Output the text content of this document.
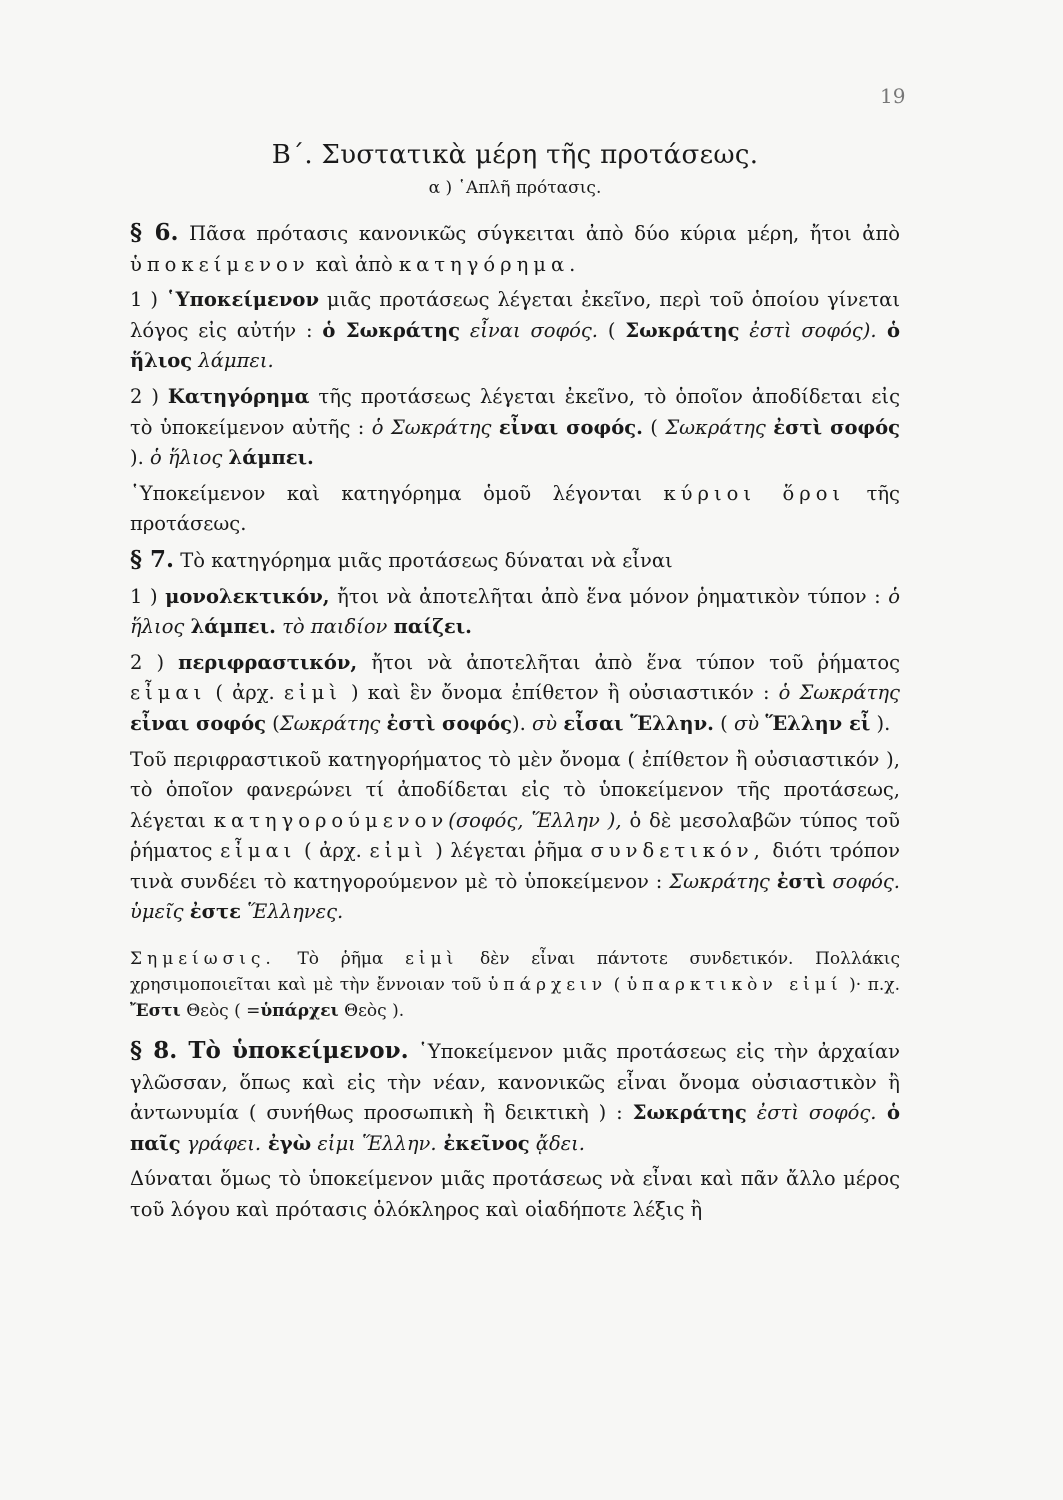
19
Β΄. Συστατικὰ μέρη τῆς προτάσεως.
α ) ῾Απλῆ πρότασις.

§ 6. Πᾶσα πρότασις κανονικῶς σύγκειται ἀπὸ δύο κύρια μέρη, ἤτοι ἀπὸ ὑποκείμενον καὶ ἀπὸ κατηγόρημα.

1 ) ῾Υποκείμενον μιᾶς προτάσεως λέγεται ἐκεῖνο, περὶ τοῦ ὁποίου γίνεται λόγος εἰς αὐτήν : ὁ Σωκράτης εἶναι σοφός. ( Σωκράτης ἐστὶ σοφός). ὁ ἥλιος λάμπει.

2 ) Κατηγόρημα τῆς προτάσεως λέγεται ἐκεῖνο, τὸ ὁποῖον ἀποδίδεται εἰς τὸ ὑποκείμενον αὐτῆς : ὁ Σωκράτης εἶναι σοφός. ( Σωκράτης ἐστὶ σοφός ). ὁ ἥλιος λάμπει.

῾Υποκείμενον καὶ κατηγόρημα ὁμοῦ λέγονται κύριοι ὅροι τῆς προτάσεως.

§ 7. Τὸ κατηγόρημα μιᾶς προτάσεως δύναται νὰ εἶναι

1 ) μονολεκτικόν, ἤτοι νὰ ἀποτελῆται ἀπὸ ἕνα μόνον ῥηματικὸν τύπον : ὁ ἥλιος λάμπει. τὸ παιδίον παίζει.

2 ) περιφραστικόν, ἤτοι νὰ ἀποτελῆται ἀπὸ ἕνα τύπον τοῦ ῥήματος εἶμαι ( ἀρχ. εἰμὶ ) καὶ ἓν ὄνομα ἐπίθετον ἢ οὐσιαστικόν : ὁ Σωκράτης εἶναι σοφός (Σωκράτης ἐστὶ σοφός). σὺ εἶσαι Ἕλλην. ( σὺ Ἕλλην εἶ ).

Τοῦ περιφραστικοῦ κατηγορήματος τὸ μὲν ὄνομα ( ἐπίθετον ἢ οὐσιαστικόν ), τὸ ὁποῖον φανερώνει τί ἀποδίδεται εἰς τὸ ὑποκείμενον τῆς προτάσεως, λέγεται κατηγορούμενον(σοφός, Ἕλλην ), ὁ δὲ μεσολαβῶν τύπος τοῦ ῥήματος εἶμαι ( ἀρχ. εἰμὶ ) λέγεται ῥῆμα συνδετικόν, διότι τρόπον τινὰ συνδέει τὸ κατηγορούμενον μὲ τὸ ὑποκείμενον : Σωκράτης ἐστὶ σοφός. ὑμεῖς ἐστε Ἕλληνες.

Σημείωσις. Τὸ ῥῆμα εἰμὶ δὲν εἶναι πάντοτε συνδετικόν. Πολλάκις χρησιμοποιεῖται καὶ μὲ τὴν ἔννοιαν τοῦ ὑπάρχειν ( ὑπαρκτικὸν εἰμί )· π.χ. Ἔστι Θεὸς ( =ὑπάρχει Θεὸς ).

§ 8. Τὸ ὑποκείμενον. ῾Υποκείμενον μιᾶς προτάσεως εἰς τὴν ἀρχαίαν γλῶσσαν, ὅπως καὶ εἰς τὴν νέαν, κανονικῶς εἶναι ὄνομα οὐσιαστικὸν ἢ ἀντωνυμία ( συνήθως προσωπικὴ ἢ δεικτικὴ ) : Σωκράτης ἐστὶ σοφός. ὁ παῖς γράφει. ἐγὼ εἰμι Ἕλλην. ἐκεῖνος ᾄδει.

Δύναται ὅμως τὸ ὑποκείμενον μιᾶς προτάσεως νὰ εἶναι καὶ πᾶν ἄλλο μέρος τοῦ λόγου καὶ πρότασις ὁλόκληρος καὶ οἱαδήποτε λέξις ἢ
